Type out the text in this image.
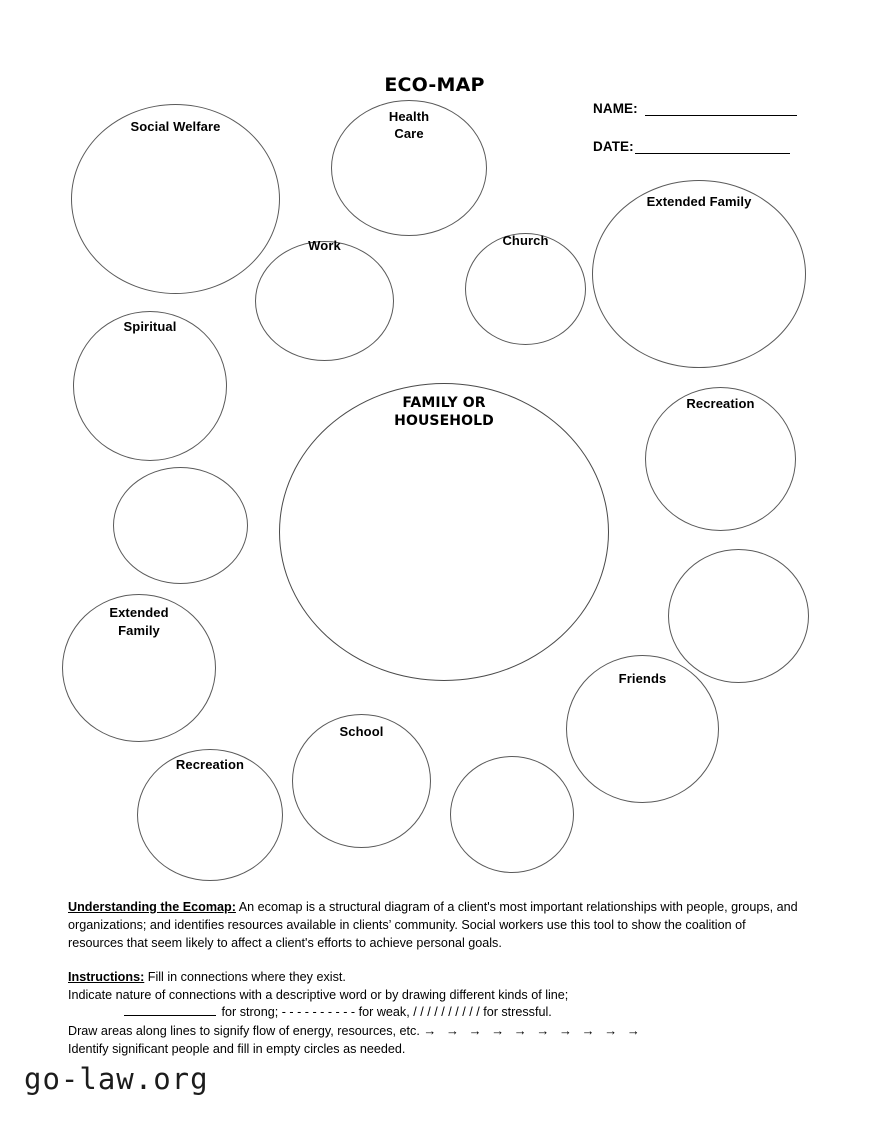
ECO-MAP
NAME:
DATE:
Social Welfare
Health
Care
Extended Family
Work	Church
Spiritual
Recreation
Extended
Family
FAMILY OR
HOUSEHOLD
Friends
School
Recreation

Understanding the Ecomap: An ecomap is a structural diagram of a client's most important relationships with people, groups, and organizations; and identifies resources available in clients’ community. Social workers use this tool to show the coalition of resources that seem likely to affect a client's efforts to achieve personal goals.

Instructions: Fill in connections where they exist.

Indicate nature of connections with a descriptive word or by drawing different kinds of line;

for strong; - - - - - - - - - - for weak, / / / / / / / / / / for stressful.

Draw areas along lines to signify flow of energy, resources, etc. → → → → → → → → → →

Identify significant people and fill in empty circles as needed.

go-law.org
